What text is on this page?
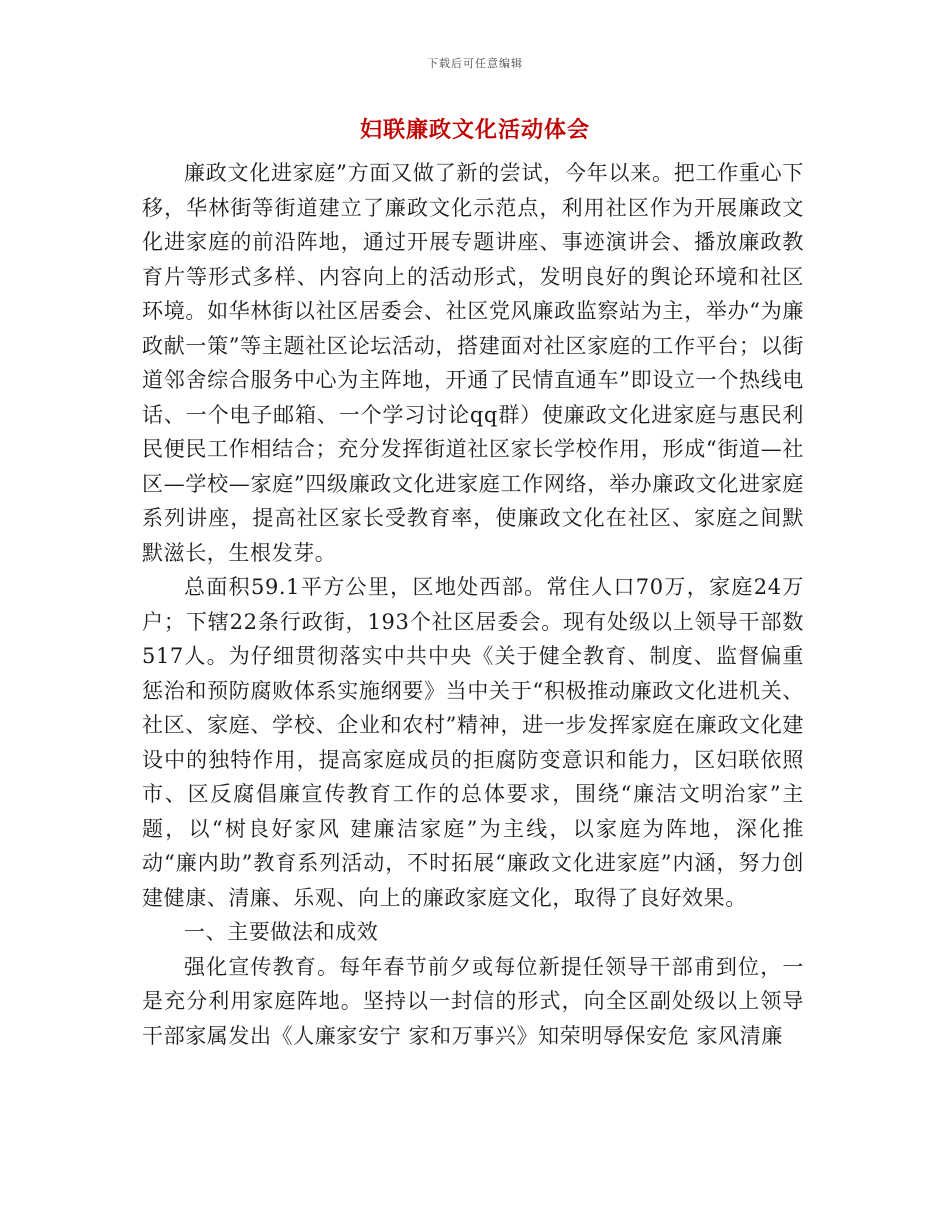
下载后可任意编辑
妇联廉政文化活动体会

廉政文化进家庭”方面又做了新的尝试，今年以来。把工作重心下移，华林街等街道建立了廉政文化示范点，利用社区作为开展廉政文化进家庭的前沿阵地，通过开展专题讲座、事迹演讲会、播放廉政教育片等形式多样、内容向上的活动形式，发明良好的舆论环境和社区环境。如华林街以社区居委会、社区党风廉政监察站为主，举办“为廉政献一策”等主题社区论坛活动，搭建面对社区家庭的工作平台；以街道邻舍综合服务中心为主阵地，开通了民情直通车”即设立一个热线电话、一个电子邮箱、一个学习讨论qq群）使廉政文化进家庭与惠民利民便民工作相结合；充分发挥街道社区家长学校作用，形成“街道—社区—学校—家庭”四级廉政文化进家庭工作网络，举办廉政文化进家庭系列讲座，提高社区家长受教育率，使廉政文化在社区、家庭之间默默滋长，生根发芽。

总面积59.1平方公里，区地处西部。常住人口70万，家庭24万户；下辖22条行政街，193个社区居委会。现有处级以上领导干部数517人。为仔细贯彻落实中共中央《关于健全教育、制度、监督偏重惩治和预防腐败体系实施纲要》当中关于“积极推动廉政文化进机关、社区、家庭、学校、企业和农村”精神，进一步发挥家庭在廉政文化建设中的独特作用，提高家庭成员的拒腐防变意识和能力，区妇联依照市、区反腐倡廉宣传教育工作的总体要求，围绕“廉洁文明治家”主题，以“树良好家风 建廉洁家庭”为主线，以家庭为阵地，深化推动“廉内助”教育系列活动，不时拓展“廉政文化进家庭”内涵，努力创建健康、清廉、乐观、向上的廉政家庭文化，取得了良好效果。

一、主要做法和成效

强化宣传教育。每年春节前夕或每位新提任领导干部甫到位，一是充分利用家庭阵地。坚持以一封信的形式，向全区副处级以上领导干部家属发出《人廉家安宁 家和万事兴》知荣明辱保安危 家风清廉
